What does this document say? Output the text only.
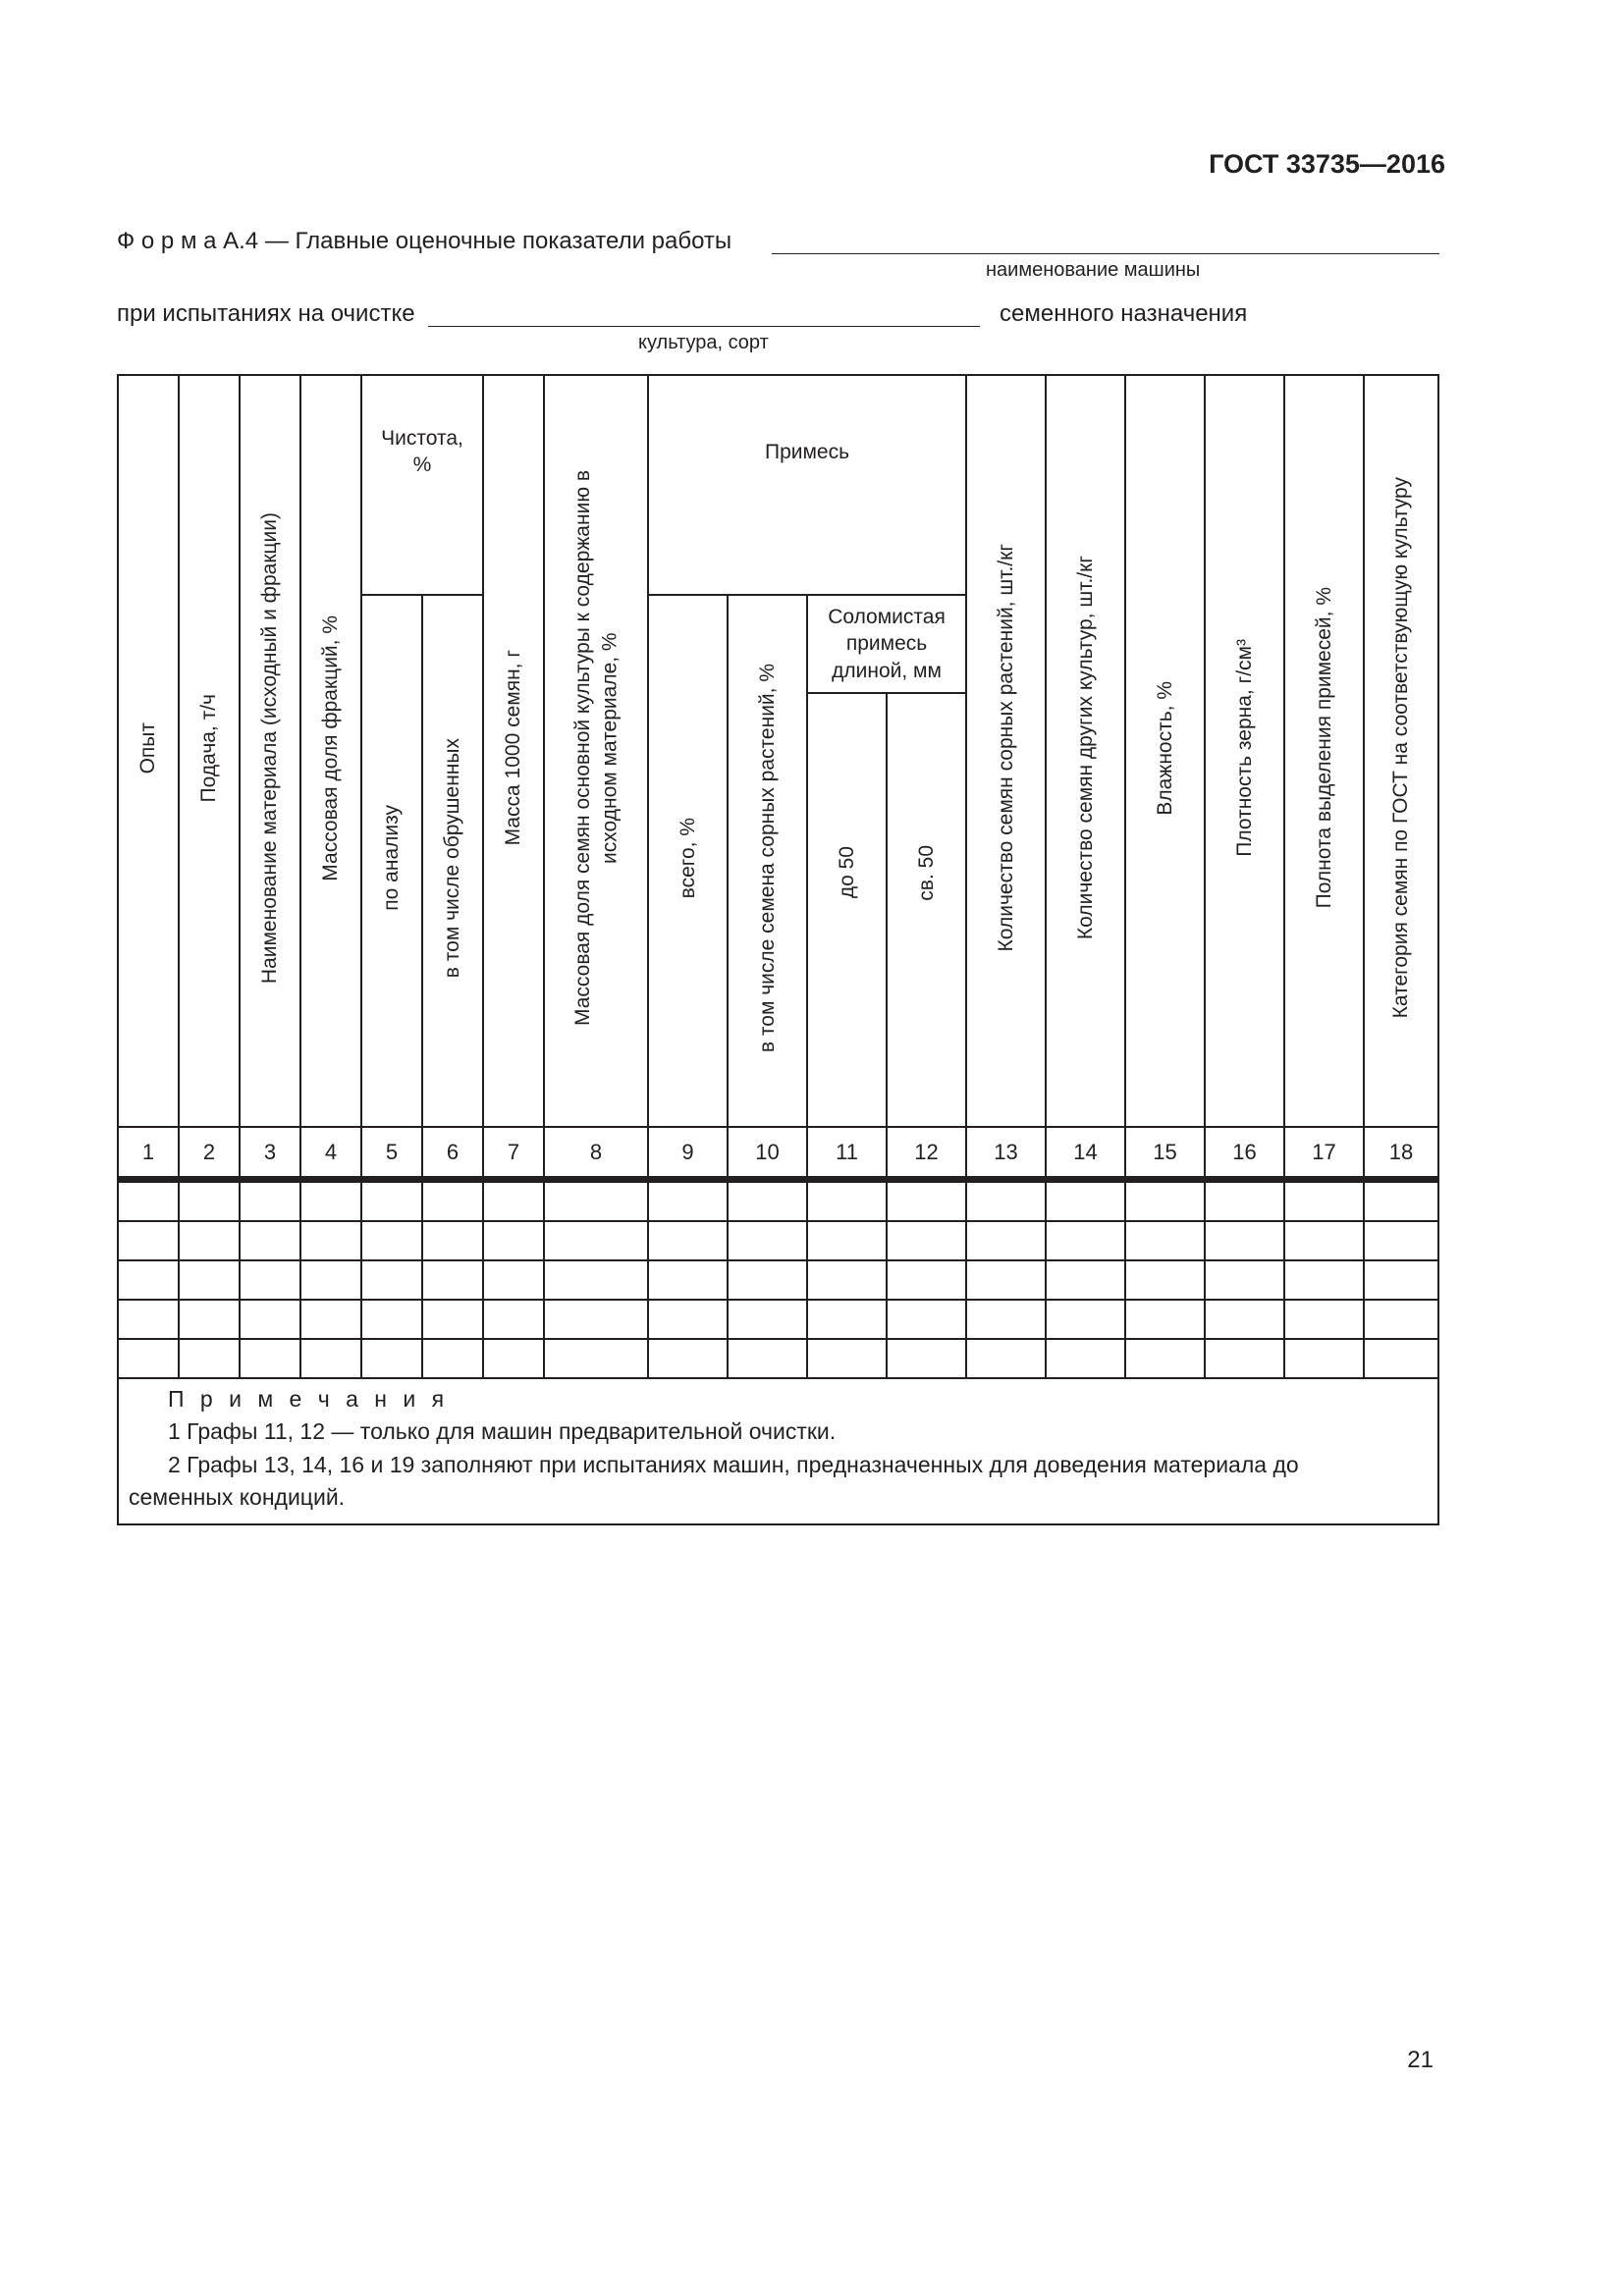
ГОСТ 33735—2016
Ф о р м а А.4 — Главные оценочные показатели работы
наименование машины
при испытаниях на очистке	семенного назначения
культура, сорт
Опыт	Подача, т/ч	Наименование материала (исходный и фракции)	Массовая доля фракций, %	Чистота, %		Масса 1000 семян, г	Массовая доля семян основной культуры к содержанию в исходном материале, %	Примесь				Количество семян сорных растений, шт./кг	Количество семян других культур, шт./кг	Влажность, %	Плотность зерна, г/см³	Полнота выделения примесей, %	Категория семян по ГОСТ на соответствующую культуру
				по анализу	в том числе обрушенных			всего, %	в том числе семена сорных растений, %	Соломистая примесь длиной, мм							
										до 50	св. 50						
1	2	3	4	5	6	7	8	9	10	11	12	13	14	15	16	17	18

П р и м е ч а н и я
1 Графы 11, 12 — только для машин предварительной очистки.
2 Графы 13, 14, 16 и 19 заполняют при испытаниях машин, предназначенных для доведения материала до
семенных кондиций.																	
21
